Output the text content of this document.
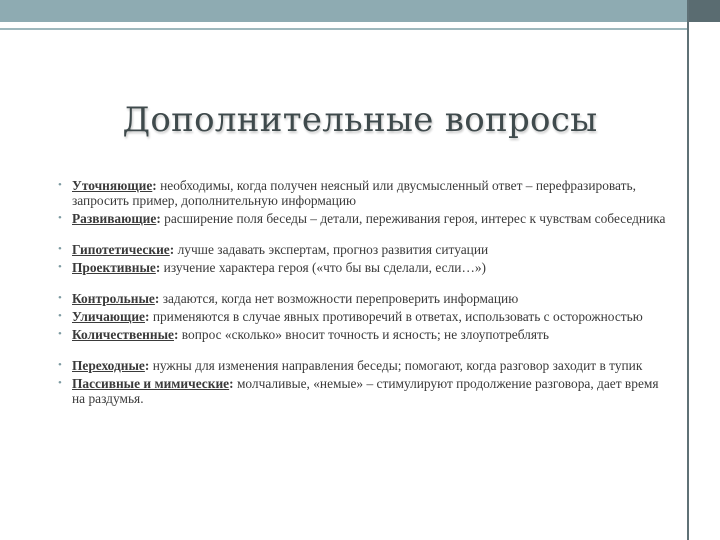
Дополнительные вопросы
• Уточняющие: необходимы, когда получен неясный или двусмысленный ответ – перефразировать, запросить пример, дополнительную информацию
• Развивающие: расширение поля беседы – детали, переживания героя, интерес к чувствам собеседника
• Гипотетические: лучше задавать экспертам, прогноз развития ситуации
• Проективные: изучение характера героя («что бы вы сделали, если…»)
• Контрольные: задаются, когда нет возможности перепроверить информацию
• Уличающие: применяются в случае явных противоречий в ответах, использовать с осторожностью
• Количественные: вопрос «сколько» вносит точность и ясность; не злоупотреблять
• Переходные: нужны для изменения направления беседы; помогают, когда разговор заходит в тупик
• Пассивные и мимические: молчаливые, «немые» – стимулируют продолжение разговора, дает время на раздумья.
